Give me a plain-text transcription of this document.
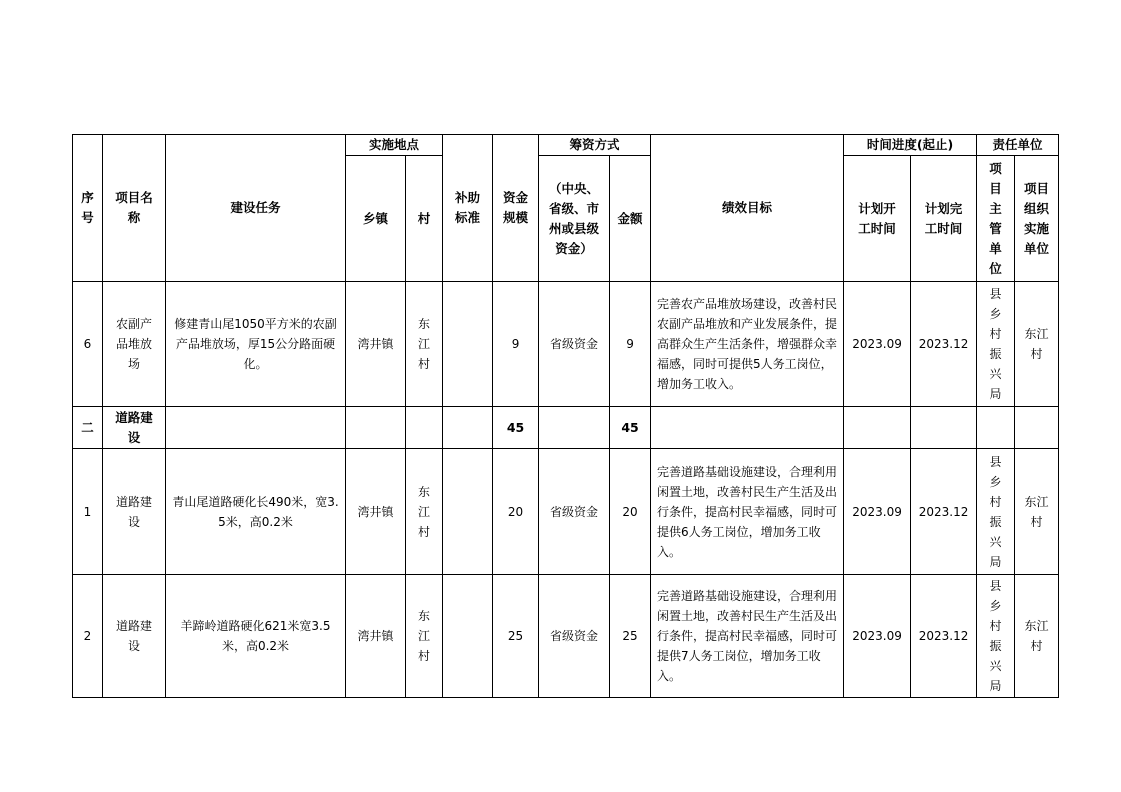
序号	项目名称	建设任务	实施地点		补助标准	资金规模	筹资方式		绩效目标	时间进度(起止)		责任单位	
			乡镇	村			（中央、省级、市州或县级资金）	金额		计划开工时间	计划完工时间	项目主管单位	项目组织实施单位
6	农副产品堆放场	修建青山尾1050平方米的农副产品堆放场，厚15公分路面硬化。	湾井镇	东江村		9	省级资金	9	完善农产品堆放场建设，改善村民农副产品堆放和产业发展条件，提高群众生产生活条件，增强群众幸福感，同时可提供5人务工岗位，增加务工收入。	2023.09	2023.12	县乡村振兴局	东江村
二	道路建设					45		45					
1	道路建设	青山尾道路硬化长490米，宽3.5米，高0.2米	湾井镇	东江村		20	省级资金	20	完善道路基础设施建设，合理利用闲置土地，改善村民生产生活及出行条件，提高村民幸福感，同时可提供6人务工岗位，增加务工收入。	2023.09	2023.12	县乡村振兴局	东江村
2	道路建设	羊蹄岭道路硬化621米宽3.5米，高0.2米	湾井镇	东江村		25	省级资金	25	完善道路基础设施建设，合理利用闲置土地，改善村民生产生活及出行条件，提高村民幸福感，同时可提供7人务工岗位，增加务工收入。	2023.09	2023.12	县乡村振兴局	东江村
